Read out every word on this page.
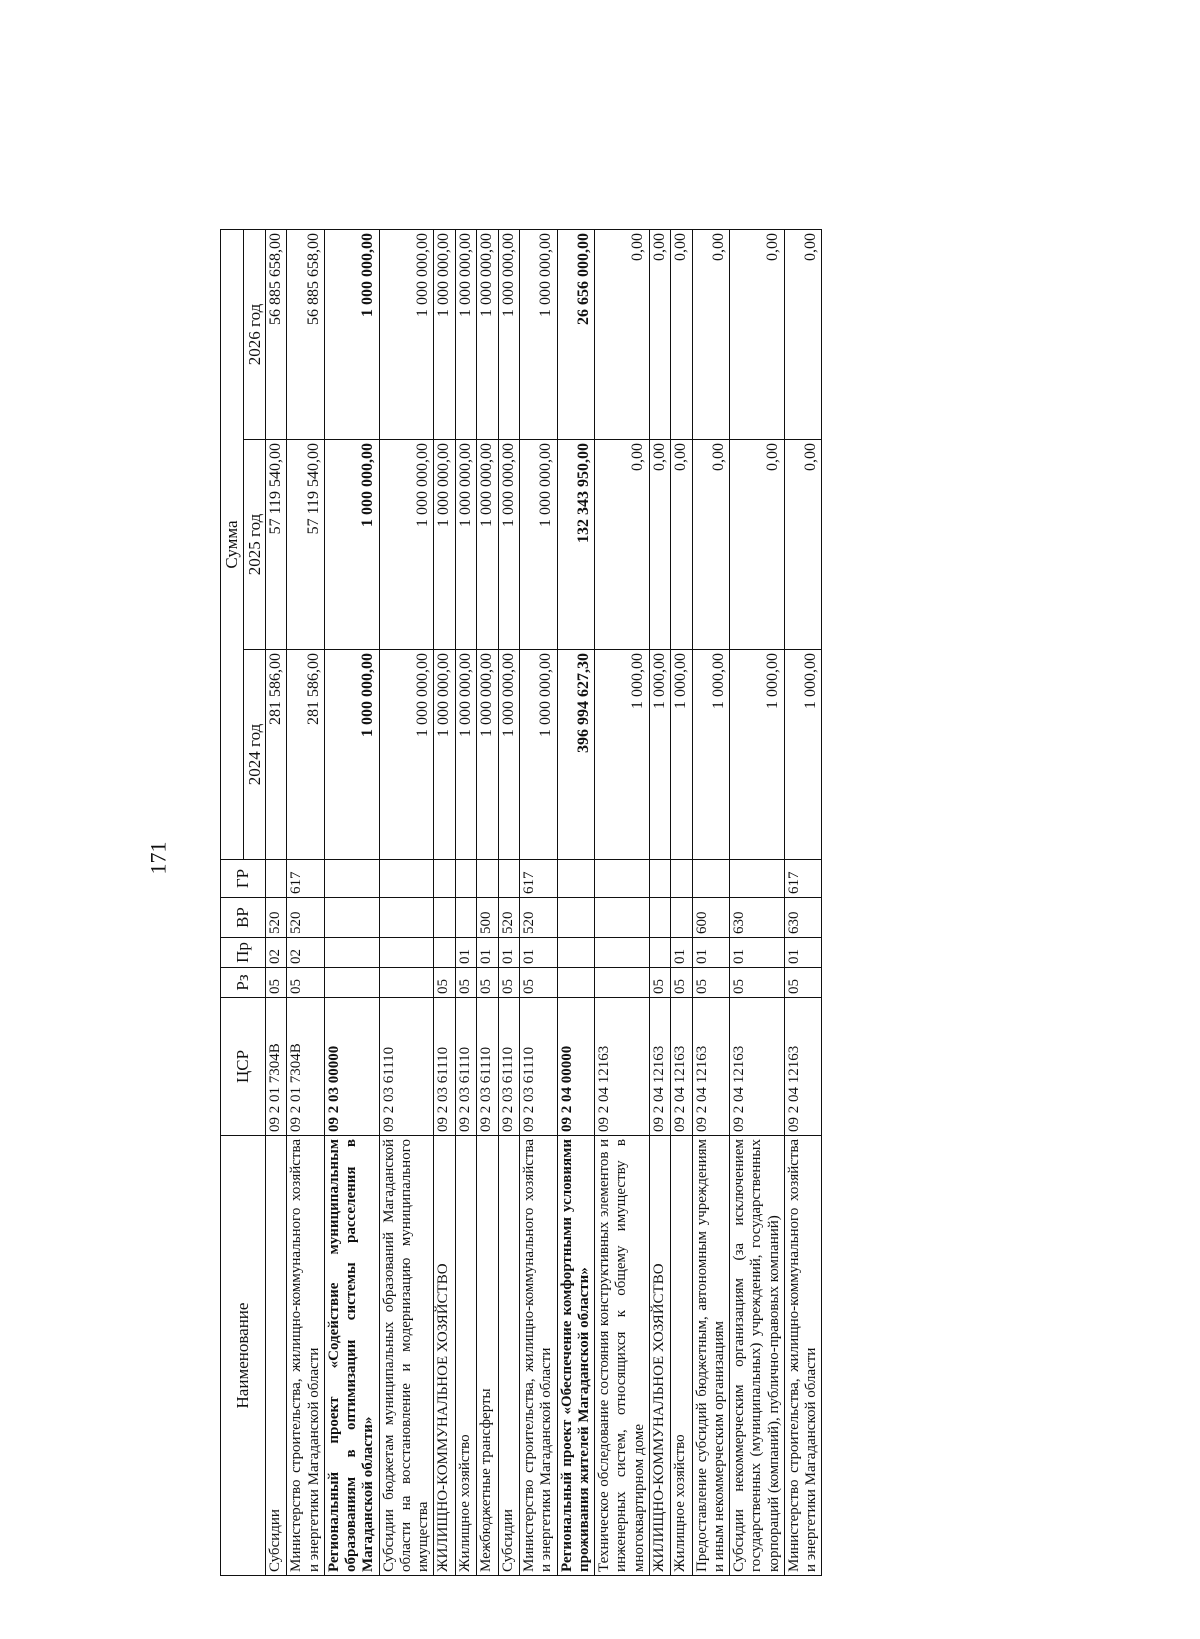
171
Наименование	ЦСР	Рз	Пр	ВР	ГР	Сумма		
						2024 год	2025 год	2026 год
Субсидии	09 2 01 7304В	05	02	520		281 586,00	57 119 540,00	56 885 658,00
Министерство строительства, жилищно-коммунального хозяйства и энергетики Магаданской области	09 2 01 7304В	05	02	520	617	281 586,00	57 119 540,00	56 885 658,00
Региональный проект «Содействие муниципальным образованиям в оптимизации системы расселения в Магаданской области»	09 2 03 00000					1 000 000,00	1 000 000,00	1 000 000,00
Субсидии бюджетам муниципальных образований Магаданской области на восстановление и модернизацию муниципального имущества	09 2 03 61110					1 000 000,00	1 000 000,00	1 000 000,00
ЖИЛИЩНО-КОММУНАЛЬНОЕ ХОЗЯЙСТВО	09 2 03 61110	05				1 000 000,00	1 000 000,00	1 000 000,00
Жилищное хозяйство	09 2 03 61110	05	01			1 000 000,00	1 000 000,00	1 000 000,00
Межбюджетные трансферты	09 2 03 61110	05	01	500		1 000 000,00	1 000 000,00	1 000 000,00
Субсидии	09 2 03 61110	05	01	520		1 000 000,00	1 000 000,00	1 000 000,00
Министерство строительства, жилищно-коммунального хозяйства и энергетики Магаданской области	09 2 03 61110	05	01	520	617	1 000 000,00	1 000 000,00	1 000 000,00
Региональный проект «Обеспечение комфортными условиями проживания жителей Магаданской области»	09 2 04 00000					396 994 627,30	132 343 950,00	26 656 000,00
Техническое обследование состояния конструктивных элементов и инженерных систем, относящихся к общему имуществу в многоквартирном доме	09 2 04 12163					1 000,00	0,00	0,00
ЖИЛИЩНО-КОММУНАЛЬНОЕ ХОЗЯЙСТВО	09 2 04 12163	05				1 000,00	0,00	0,00
Жилищное хозяйство	09 2 04 12163	05	01			1 000,00	0,00	0,00
Предоставление субсидий бюджетным, автономным учреждениям и иным некоммерческим организациям	09 2 04 12163	05	01	600		1 000,00	0,00	0,00
Субсидии некоммерческим организациям (за исключением государственных (муниципальных) учреждений, государственных корпораций (компаний), публично-правовых компаний)	09 2 04 12163	05	01	630		1 000,00	0,00	0,00
Министерство строительства, жилищно-коммунального хозяйства и энергетики Магаданской области	09 2 04 12163	05	01	630	617	1 000,00	0,00	0,00
